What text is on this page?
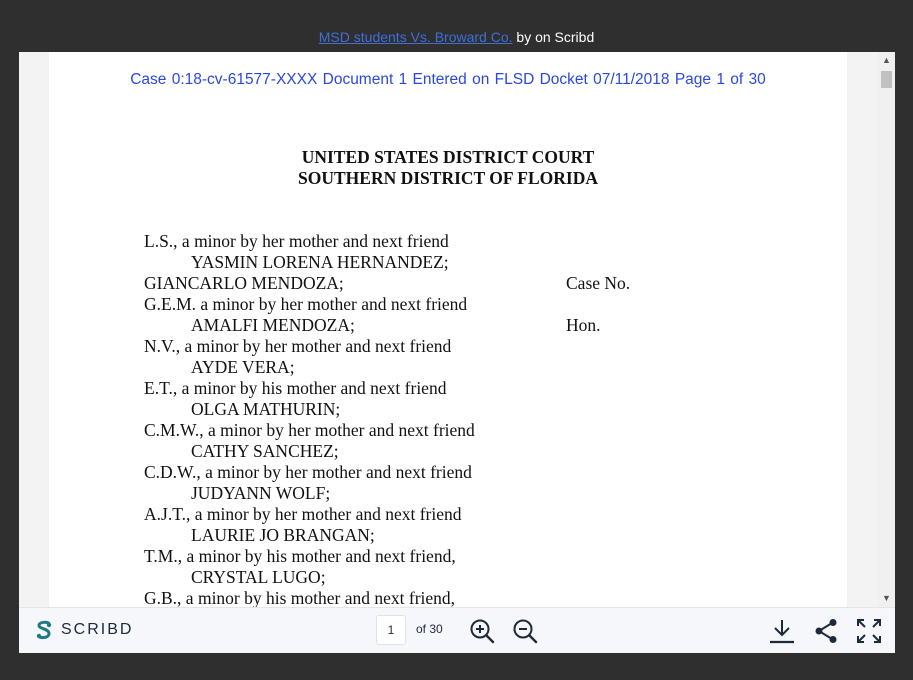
MSD students Vs. Broward Co. by on Scribd
Case 0:18-cv-61577-XXXX Document 1 Entered on FLSD Docket 07/11/2018 Page 1 of 30
UNITED STATES DISTRICT COURT
SOUTHERN DISTRICT OF FLORIDA
L.S., a minor by her mother and next friend
YASMIN LORENA HERNANDEZ;
GIANCARLO MENDOZA;
G.E.M. a minor by her mother and next friend
AMALFI MENDOZA;
N.V., a minor by her mother and next friend
AYDE VERA;
E.T., a minor by his mother and next friend
OLGA MATHURIN;
C.M.W., a minor by her mother and next friend
CATHY SANCHEZ;
C.D.W., a minor by her mother and next friend
JUDYANN WOLF;
A.J.T., a minor by her mother and next friend
LAURIE JO BRANGAN;
T.M., a minor by his mother and next friend,
CRYSTAL LUGO;
G.B., a minor by his mother and next friend,
Case No.
Hon.
▲
▼
SCRIBD	1	of 30
